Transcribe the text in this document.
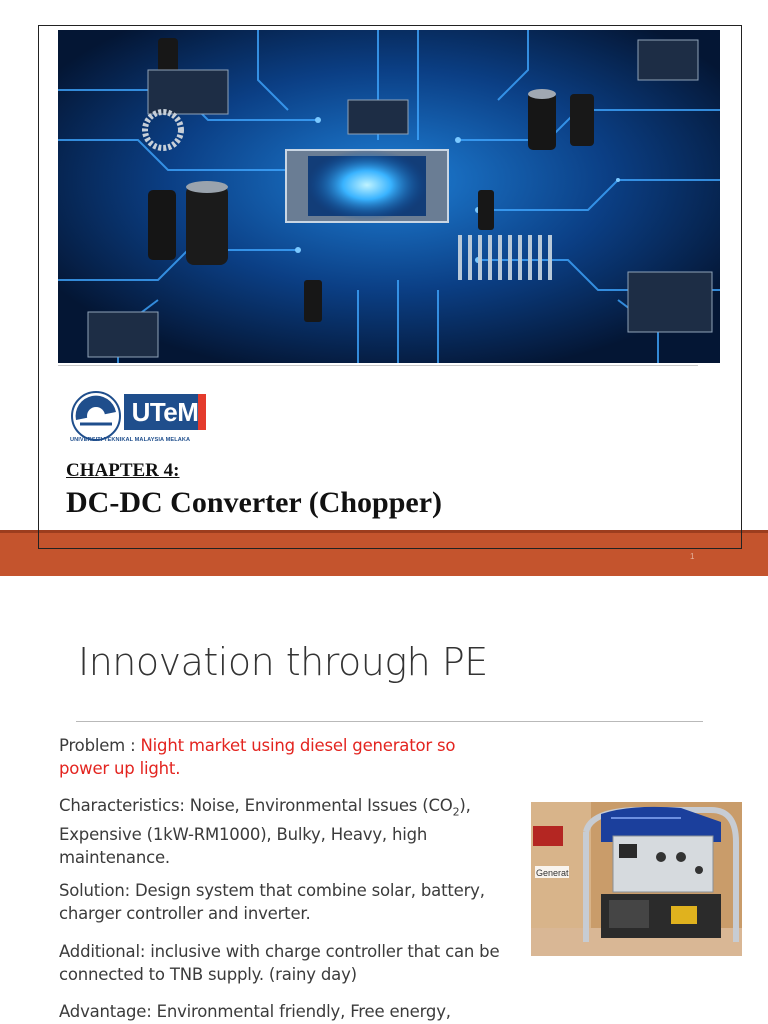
UTeM
UNIVERSITI TEKNIKAL MALAYSIA MELAKA
CHAPTER 4:
DC-DC Converter (Chopper)
1
Innovation through PE
Problem : Night market using diesel generator so power up light.
Characteristics: Noise, Environmental Issues $(CO_2)$, Expensive (1kW-RM1000), Bulky, Heavy, high maintenance.
Solution: Design system that combine solar, battery, charger controller and inverter.
Additional: inclusive with charge controller that can be connected to TNB supply. (rainy day)
Advantage: Environmental friendly, Free energy,
Generat
